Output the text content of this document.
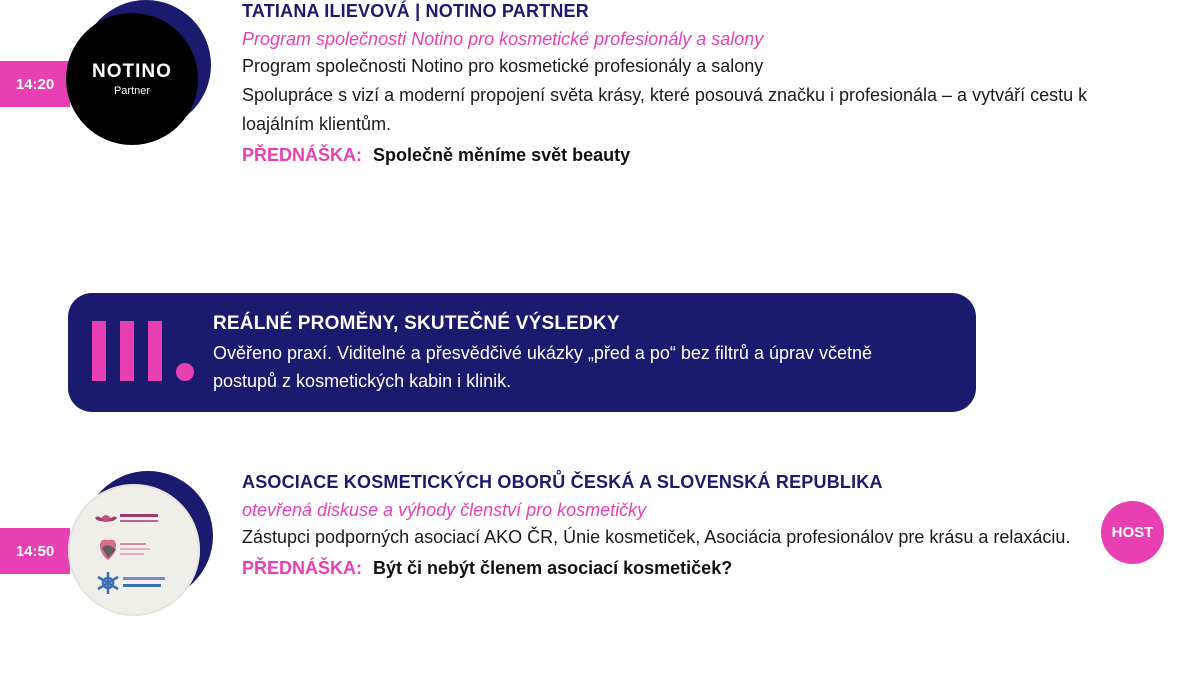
14:20
NOTINO
Partner
TATIANA ILIEVOVÁ | NOTINO PARTNER
Program společnosti Notino pro kosmetické profesionály a salony
Program společnosti Notino pro kosmetické profesionály a salony
Spolupráce s vizí a moderní propojení světa krásy, které posouvá značku i profesionála – a vytváří cestu k loajálním klientům.
PŘEDNÁŠKA: Společně měníme svět beauty
REÁLNÉ PROMĚNY, SKUTEČNÉ VÝSLEDKY
Ověřeno praxí. Viditelné a přesvědčivé ukázky „před a po“ bez filtrů a úprav včetně postupů z kosmetických kabin i klinik.
14:50
ASOCIACE KOSMETICKÝCH OBORŮ ČESKÁ A SLOVENSKÁ REPUBLIKA
otevřená diskuse a výhody členství pro kosmetičky
Zástupci podporných asociací AKO ČR, Únie kosmetiček, Asociácia profesionálov pre krásu a relaxáciu.
PŘEDNÁŠKA: Být či nebýt členem asociací kosmetiček?
HOST
